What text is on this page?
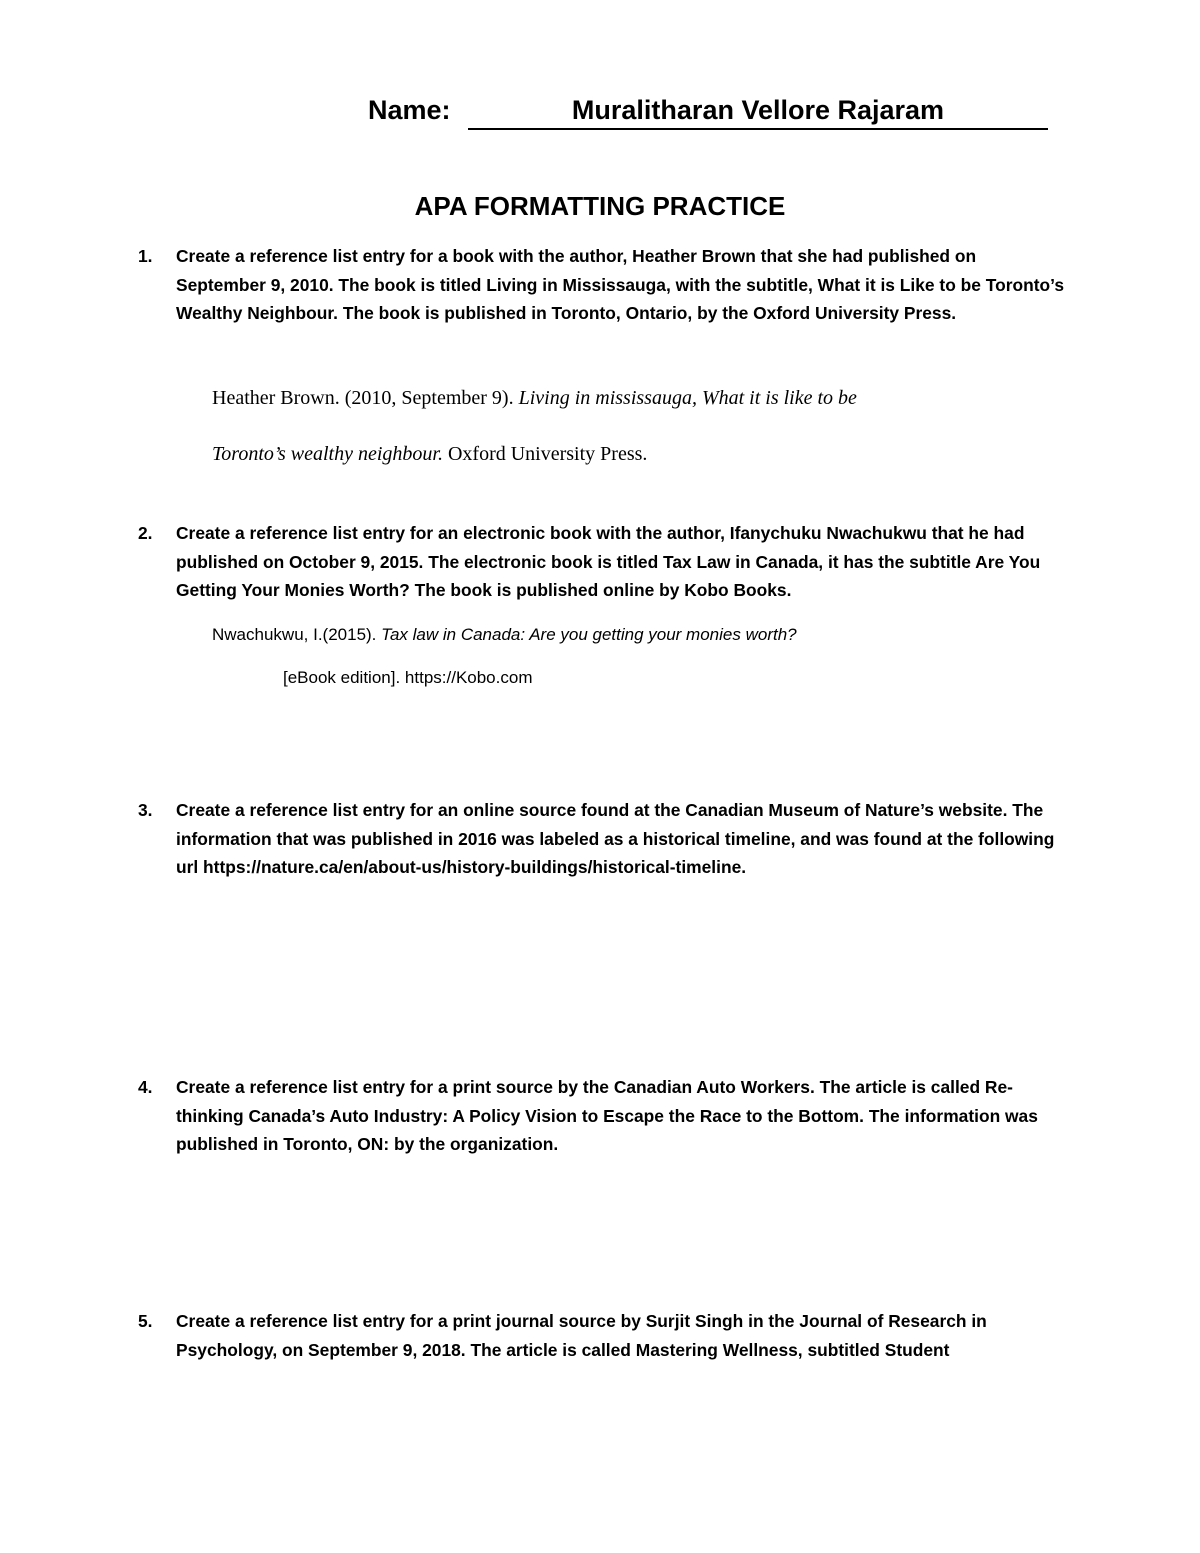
Name:	Muralitharan Vellore Rajaram
APA FORMATTING PRACTICE
1.	Create a reference list entry for a book with the author, Heather Brown that she had published on September 9, 2010. The book is titled Living in Mississauga, with the subtitle, What it is Like to be Toronto’s Wealthy Neighbour. The book is published in Toronto, Ontario, by the Oxford University Press.
Heather Brown. (2010, September 9). Living in mississauga, What it is like to be
Toronto’s wealthy neighbour. Oxford University Press.
2.	Create a reference list entry for an electronic book with the author, Ifanychuku Nwachukwu that he had published on October 9, 2015. The electronic book is titled Tax Law in Canada, it has the subtitle Are You Getting Your Monies Worth? The book is published online by Kobo Books.
Nwachukwu, I.(2015). Tax law in Canada: Are you getting your monies worth?
[eBook edition]. https://Kobo.com
3.	Create a reference list entry for an online source found at the Canadian Museum of Nature’s website. The information that was published in 2016 was labeled as a historical timeline, and was found at the following url https://nature.ca/en/about-us/history-buildings/historical-timeline.
4.	Create a reference list entry for a print source by the Canadian Auto Workers. The article is called Re-thinking Canada’s Auto Industry: A Policy Vision to Escape the Race to the Bottom. The information was published in Toronto, ON: by the organization.
5.	Create a reference list entry for a print journal source by Surjit Singh in the Journal of Research in Psychology, on September 9, 2018. The article is called Mastering Wellness, subtitled Student
